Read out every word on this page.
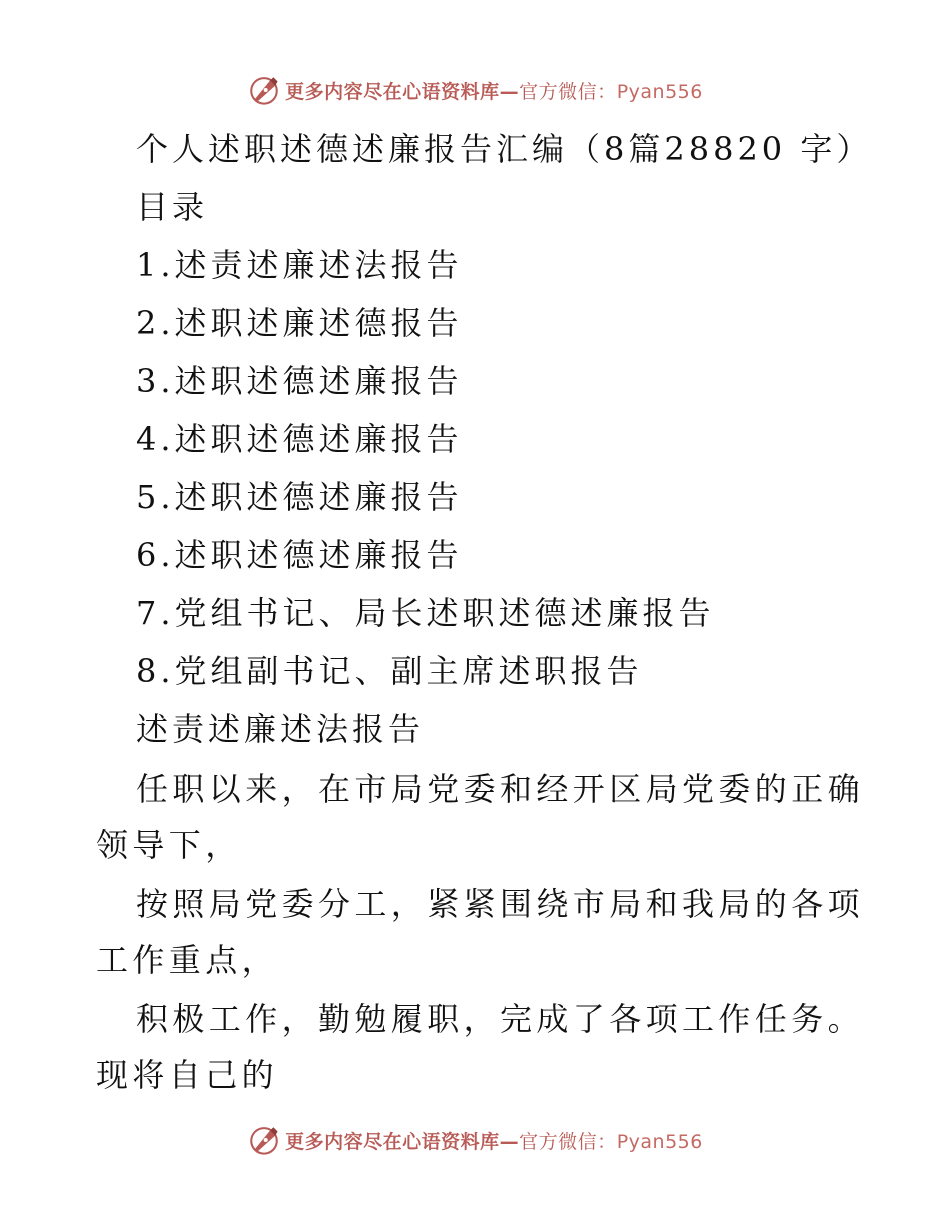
更多内容尽在心语资料库—官方微信：Pyan556
个人述职述德述廉报告汇编（8篇28820 字）
目录
1.述责述廉述法报告
2.述职述廉述德报告
3.述职述德述廉报告
4.述职述德述廉报告
5.述职述德述廉报告
6.述职述德述廉报告
7.党组书记、局长述职述德述廉报告
8.党组副书记、副主席述职报告
述责述廉述法报告
任职以来，在市局党委和经开区局党委的正确领导下，
按照局党委分工，紧紧围绕市局和我局的各项工作重点，
积极工作，勤勉履职，完成了各项工作任务。现将自己的
更多内容尽在心语资料库—官方微信：Pyan556
